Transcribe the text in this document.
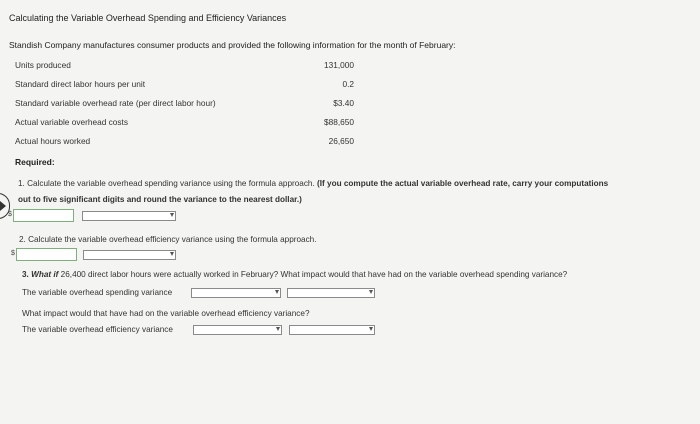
Calculating the Variable Overhead Spending and Efficiency Variances
Standish Company manufactures consumer products and provided the following information for the month of February:
Units produced	131,000
Standard direct labor hours per unit	0.2
Standard variable overhead rate (per direct labor hour)	$3.40
Actual variable overhead costs	$88,650
Actual hours worked	26,650
Required:
1. Calculate the variable overhead spending variance using the formula approach. (If you compute the actual variable overhead rate, carry your computations
out to five significant digits and round the variance to the nearest dollar.)
$
2. Calculate the variable overhead efficiency variance using the formula approach.
$
3. What if 26,400 direct labor hours were actually worked in February? What impact would that have had on the variable overhead spending variance?
The variable overhead spending variance
What impact would that have had on the variable overhead efficiency variance?
The variable overhead efficiency variance
